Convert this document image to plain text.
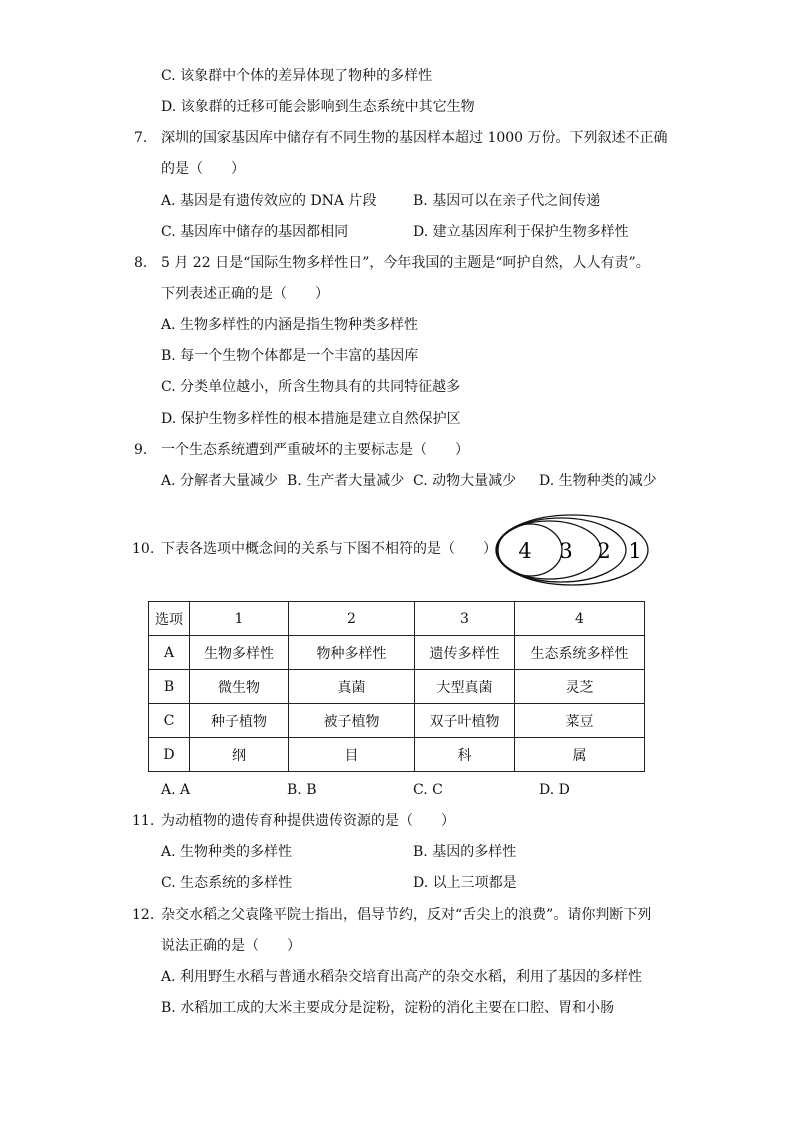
C. 该象群中个体的差异体现了物种的多样性
D. 该象群的迁移可能会影响到生态系统中其它生物
7. 深圳的国家基因库中储存有不同生物的基因样本超过 1000 万份。下列叙述不正确
的是（　　）
A. 基因是有遗传效应的 DNA 片段	B. 基因可以在亲子代之间传递
C. 基因库中储存的基因都相同	D. 建立基因库利于保护生物多样性
8. 5 月 22 日是“国际生物多样性日”，今年我国的主题是“呵护自然，人人有责”。
下列表述正确的是（　　）
A. 生物多样性的内涵是指生物种类多样性
B. 每一个生物个体都是一个丰富的基因库
C. 分类单位越小，所含生物具有的共同特征越多
D. 保护生物多样性的根本措施是建立自然保护区
9. 一个生态系统遭到严重破坏的主要标志是（　　）
A. 分解者大量减少 B. 生产者大量减少 C. 动物大量减少 D. 生物种类的减少
10. 下表各选项中概念间的关系与下图不相符的是（　　） 4 3 2 1
选项	1	2	3	4
A	生物多样性	物种多样性	遗传多样性	生态系统多样性
B	微生物	真菌	大型真菌	灵芝
C	种子植物	被子植物	双子叶植物	菜豆
D	纲	目	科	属
A. A	B. B	C. C	D. D
11. 为动植物的遗传育种提供遗传资源的是（　　）
A. 生物种类的多样性	B. 基因的多样性
C. 生态系统的多样性	D. 以上三项都是
12. 杂交水稻之父袁隆平院士指出，倡导节约，反对“舌尖上的浪费”。请你判断下列
说法正确的是（　　）
A. 利用野生水稻与普通水稻杂交培育出高产的杂交水稻，利用了基因的多样性
B. 水稻加工成的大米主要成分是淀粉，淀粉的消化主要在口腔、胃和小肠
